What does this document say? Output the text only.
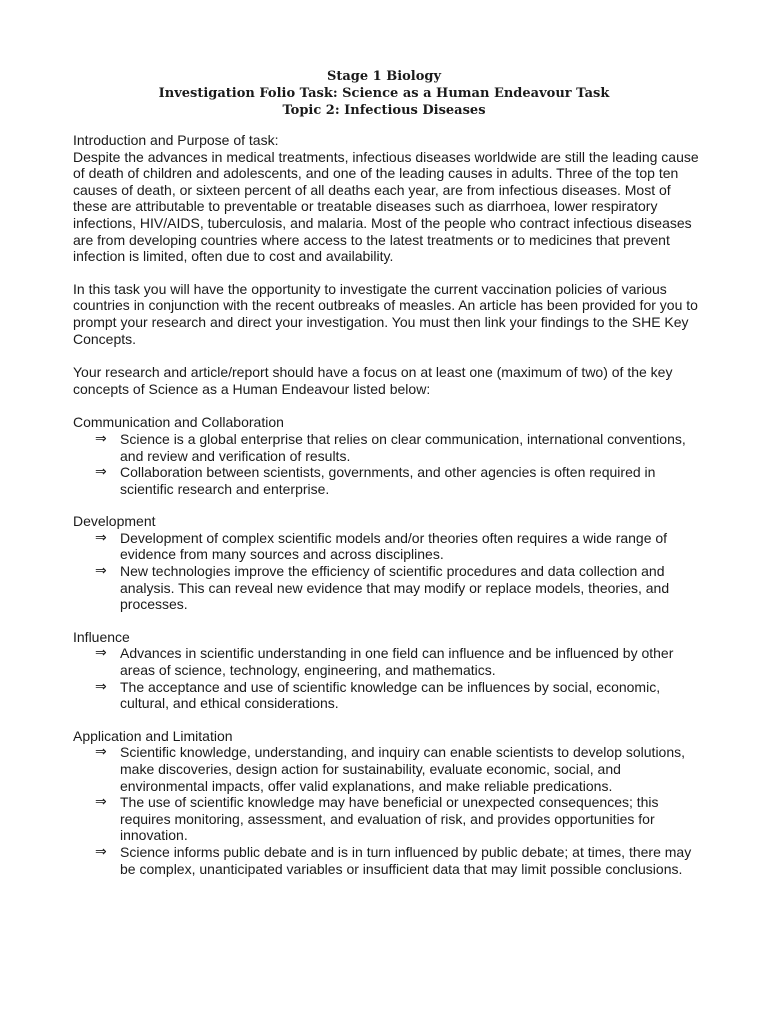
Stage 1 Biology
Investigation Folio Task: Science as a Human Endeavour Task
Topic 2: Infectious Diseases
Introduction and Purpose of task:

Despite the advances in medical treatments, infectious diseases worldwide are still the leading cause of death of children and adolescents, and one of the leading causes in adults. Three of the top ten causes of death, or sixteen percent of all deaths each year, are from infectious diseases. Most of these are attributable to preventable or treatable diseases such as diarrhoea, lower respiratory infections, HIV/AIDS, tuberculosis, and malaria. Most of the people who contract infectious diseases are from developing countries where access to the latest treatments or to medicines that prevent infection is limited, often due to cost and availability.

In this task you will have the opportunity to investigate the current vaccination policies of various countries in conjunction with the recent outbreaks of measles. An article has been provided for you to prompt your research and direct your investigation. You must then link your findings to the SHE Key Concepts.

Your research and article/report should have a focus on at least one (maximum of two) of the key concepts of Science as a Human Endeavour listed below:

Communication and Collaboration
⇒ Science is a global enterprise that relies on clear communication, international conventions, and review and verification of results.
⇒ Collaboration between scientists, governments, and other agencies is often required in scientific research and enterprise.
Development
⇒ Development of complex scientific models and/or theories often requires a wide range of evidence from many sources and across disciplines.
⇒ New technologies improve the efficiency of scientific procedures and data collection and analysis. This can reveal new evidence that may modify or replace models, theories, and processes.
Influence
⇒ Advances in scientific understanding in one field can influence and be influenced by other areas of science, technology, engineering, and mathematics.
⇒ The acceptance and use of scientific knowledge can be influences by social, economic, cultural, and ethical considerations.
Application and Limitation
⇒ Scientific knowledge, understanding, and inquiry can enable scientists to develop solutions, make discoveries, design action for sustainability, evaluate economic, social, and environmental impacts, offer valid explanations, and make reliable predications.
⇒ The use of scientific knowledge may have beneficial or unexpected consequences; this requires monitoring, assessment, and evaluation of risk, and provides opportunities for innovation.
⇒ Science informs public debate and is in turn influenced by public debate; at times, there may be complex, unanticipated variables or insufficient data that may limit possible conclusions.
